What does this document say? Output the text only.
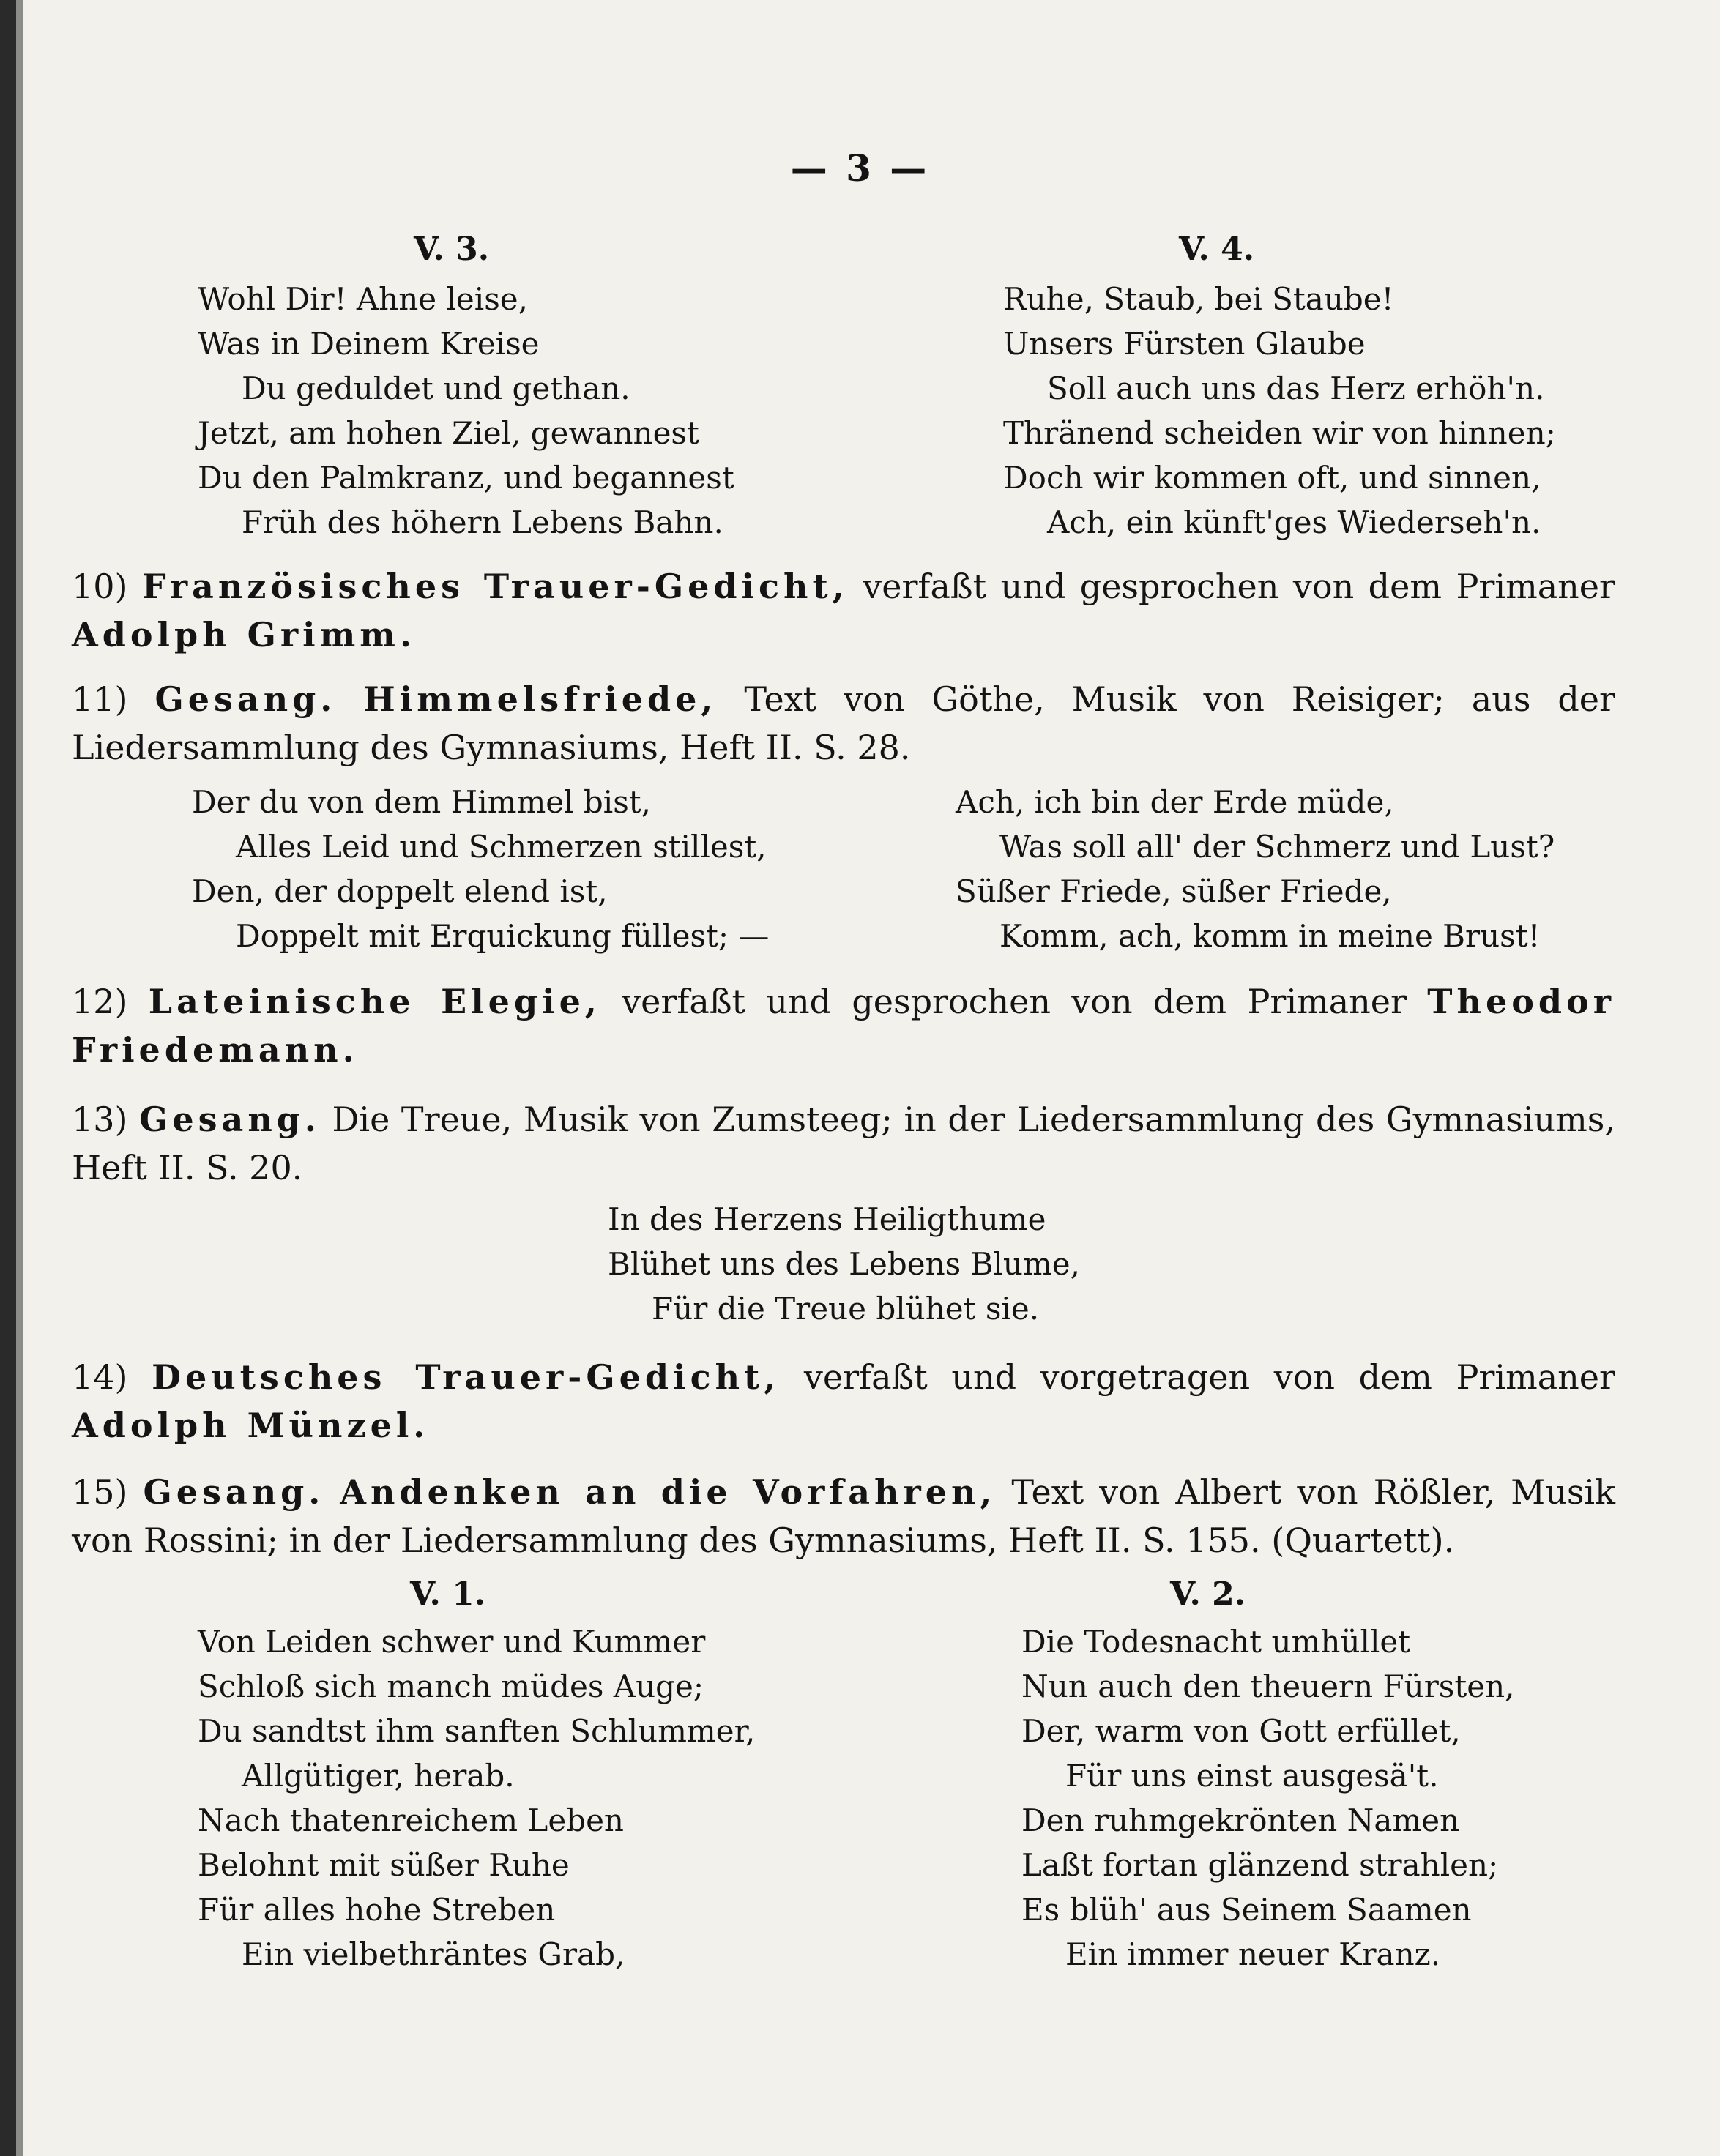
— 3 —
V. 3.	V. 4.
Wohl Dir! Ahne leise,
Was in Deinem Kreise
Du geduldet und gethan.
Jetzt, am hohen Ziel, gewannest
Du den Palmkranz, und begannest
Früh des höhern Lebens Bahn.
Ruhe, Staub, bei Staube!
Unsers Fürsten Glaube
Soll auch uns das Herz erhöh'n.
Thränend scheiden wir von hinnen;
Doch wir kommen oft, und sinnen,
Ach, ein künft'ges Wiederseh'n.
10) Französisches Trauer-Gedicht, verfaßt und gesprochen von dem Primaner Adolph Grimm.
11) Gesang. Himmelsfriede, Text von Göthe, Musik von Reisiger; aus der Liedersammlung des Gymnasiums, Heft II. S. 28.
Der du von dem Himmel bist,
Alles Leid und Schmerzen stillest,
Den, der doppelt elend ist,
Doppelt mit Erquickung füllest; —
Ach, ich bin der Erde müde,
Was soll all' der Schmerz und Lust?
Süßer Friede, süßer Friede,
Komm, ach, komm in meine Brust!
12) Lateinische Elegie, verfaßt und gesprochen von dem Primaner Theodor Friedemann.
13) Gesang. Die Treue, Musik von Zumsteeg; in der Liedersammlung des Gymnasiums, Heft II. S. 20.
In des Herzens Heiligthume
Blühet uns des Lebens Blume,
Für die Treue blühet sie.
14) Deutsches Trauer-Gedicht, verfaßt und vorgetragen von dem Primaner Adolph Münzel.
15) Gesang. Andenken an die Vorfahren, Text von Albert von Rößler, Musik von Rossini; in der Liedersammlung des Gymnasiums, Heft II. S. 155. (Quartett).
V. 1.	V. 2.
Von Leiden schwer und Kummer
Schloß sich manch müdes Auge;
Du sandtst ihm sanften Schlummer,
Allgütiger, herab.
Nach thatenreichem Leben
Belohnt mit süßer Ruhe
Für alles hohe Streben
Ein vielbethräntes Grab,
Die Todesnacht umhüllet
Nun auch den theuern Fürsten,
Der, warm von Gott erfüllet,
Für uns einst ausgesä't.
Den ruhmgekrönten Namen
Laßt fortan glänzend strahlen;
Es blüh' aus Seinem Saamen
Ein immer neuer Kranz.
